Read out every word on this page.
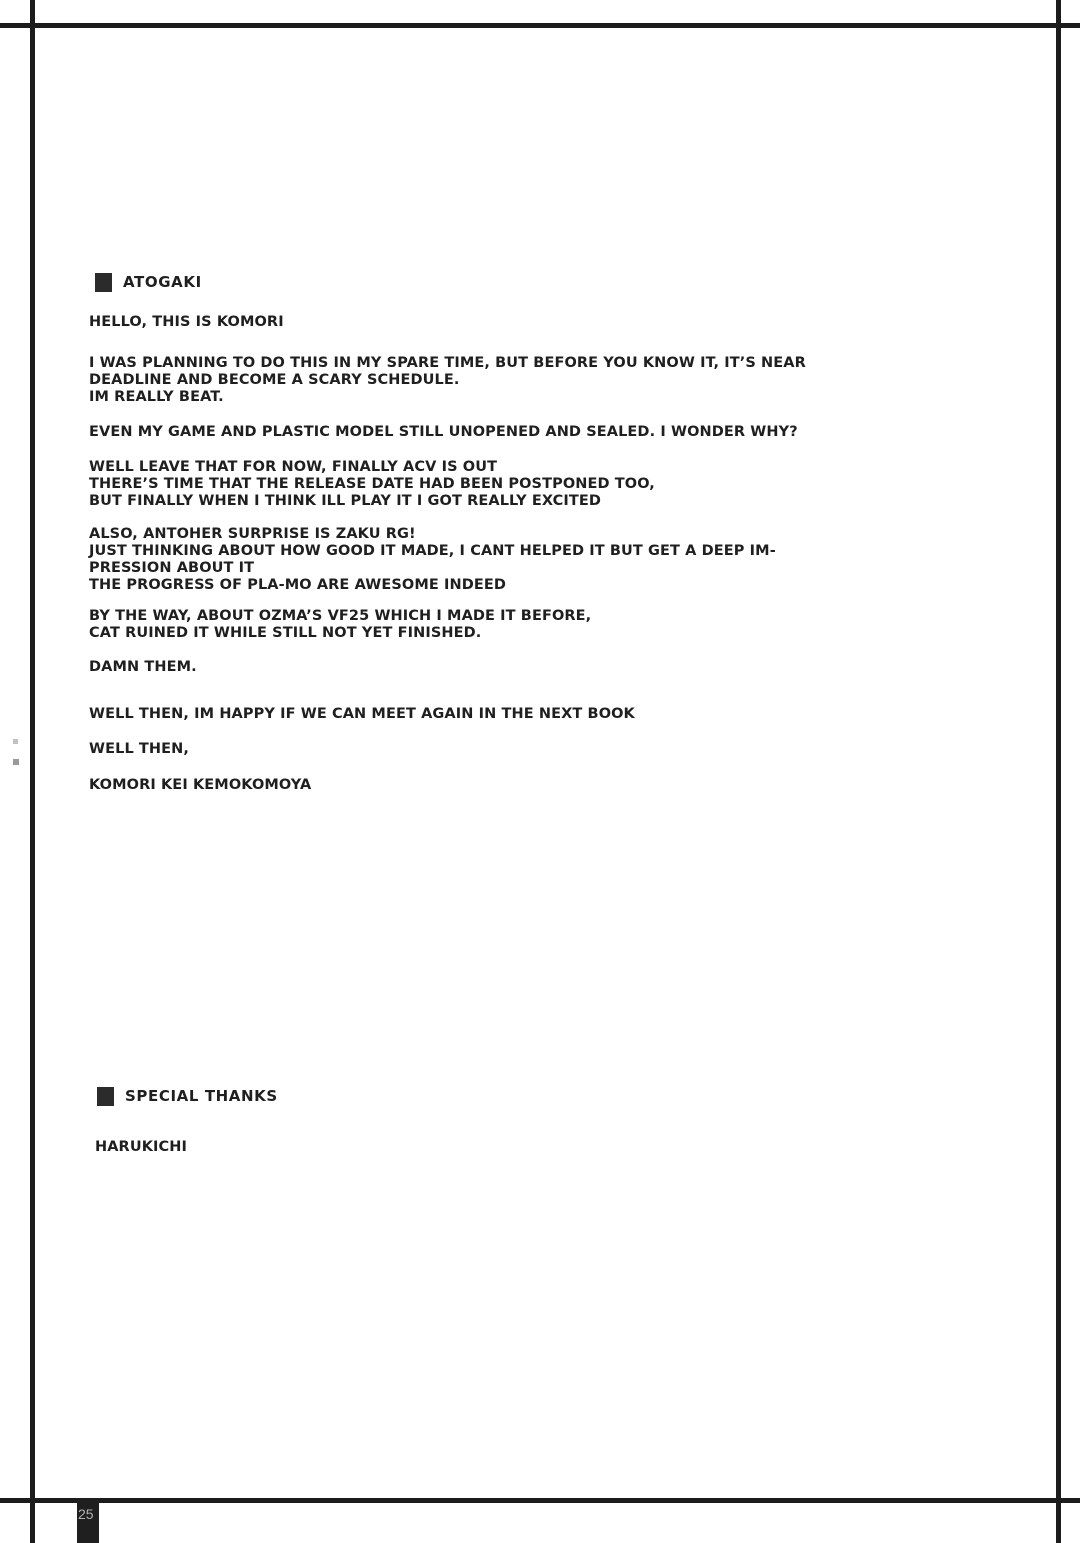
ATOGAKI
HELLO, THIS IS KOMORI
I WAS PLANNING TO DO THIS IN MY SPARE TIME, BUT BEFORE YOU KNOW IT, IT’S NEAR
DEADLINE AND BECOME A SCARY SCHEDULE.
IM REALLY BEAT.
EVEN MY GAME AND PLASTIC MODEL STILL UNOPENED AND SEALED. I WONDER WHY?
WELL LEAVE THAT FOR NOW, FINALLY ACV IS OUT
THERE’S TIME THAT THE RELEASE DATE HAD BEEN POSTPONED TOO,
BUT FINALLY WHEN I THINK ILL PLAY IT I GOT REALLY EXCITED
ALSO, ANTOHER SURPRISE IS ZAKU RG!
JUST THINKING ABOUT HOW GOOD IT MADE, I CANT HELPED IT BUT GET A DEEP IM-
PRESSION ABOUT IT
THE PROGRESS OF PLA-MO ARE AWESOME INDEED
BY THE WAY, ABOUT OZMA’S VF25 WHICH I MADE IT BEFORE,
CAT RUINED IT WHILE STILL NOT YET FINISHED.
DAMN THEM.
WELL THEN, IM HAPPY IF WE CAN MEET AGAIN IN THE NEXT BOOK
WELL THEN,
KOMORI KEI KEMOKOMOYA
SPECIAL THANKS
HARUKICHI
25
